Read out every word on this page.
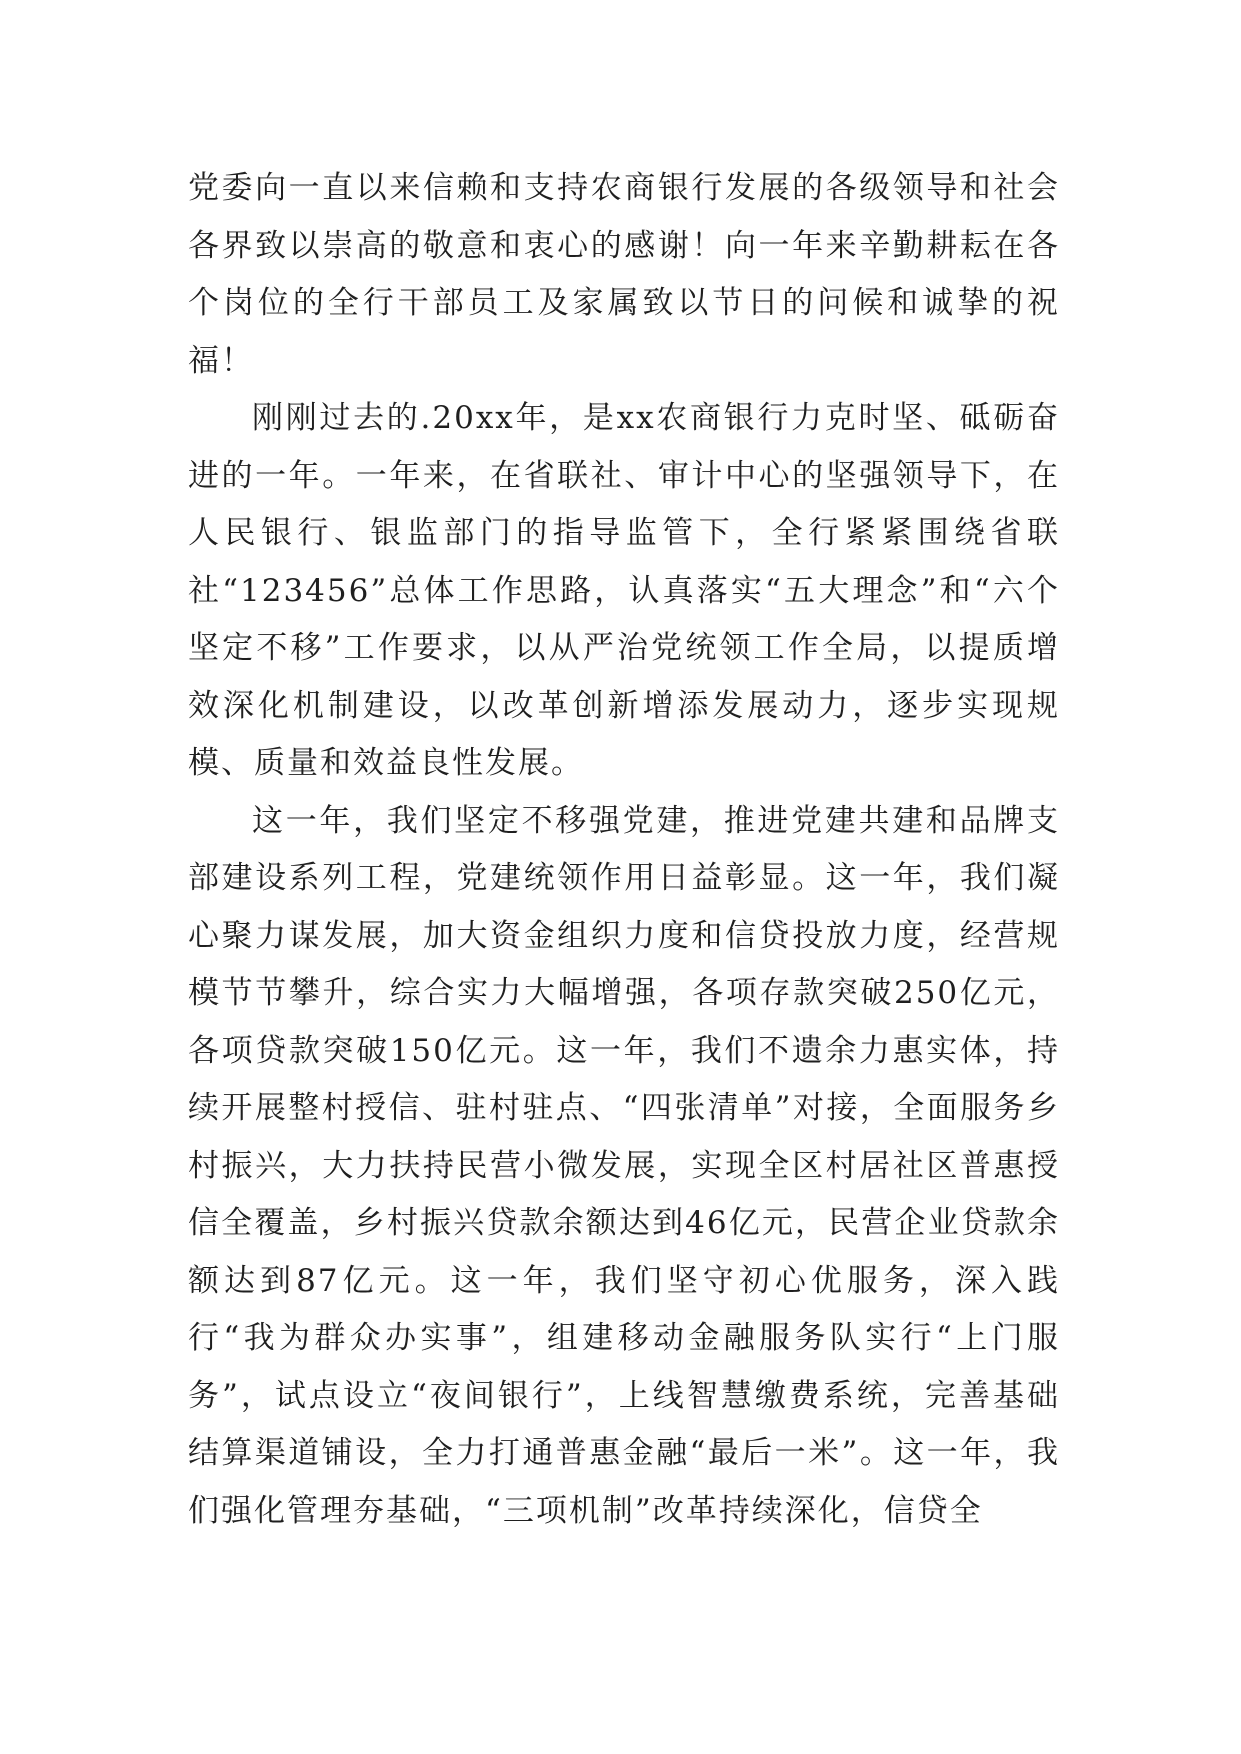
党委向一直以来信赖和支持农商银行发展的各级领导和社会各界致以崇高的敬意和衷心的感谢！向一年来辛勤耕耘在各个岗位的全行干部员工及家属致以节日的问候和诚挚的祝福！

刚刚过去的.20xx年，是xx农商银行力克时坚、砥砺奋进的一年。一年来，在省联社、审计中心的坚强领导下，在人民银行、银监部门的指导监管下，全行紧紧围绕省联社“123456”总体工作思路，认真落实“五大理念”和“六个坚定不移”工作要求，以从严治党统领工作全局，以提质增效深化机制建设，以改革创新增添发展动力，逐步实现规模、质量和效益良性发展。

这一年，我们坚定不移强党建，推进党建共建和品牌支部建设系列工程，党建统领作用日益彰显。这一年，我们凝心聚力谋发展，加大资金组织力度和信贷投放力度，经营规模节节攀升，综合实力大幅增强，各项存款突破250亿元，各项贷款突破150亿元。这一年，我们不遗余力惠实体，持续开展整村授信、驻村驻点、“四张清单”对接，全面服务乡村振兴，大力扶持民营小微发展，实现全区村居社区普惠授信全覆盖，乡村振兴贷款余额达到46亿元，民营企业贷款余额达到87亿元。这一年，我们坚守初心优服务，深入践行“我为群众办实事”，组建移动金融服务队实行“上门服务”，试点设立“夜间银行”，上线智慧缴费系统，完善基础结算渠道铺设，全力打通普惠金融“最后一米”。这一年，我们强化管理夯基础，“三项机制”改革持续深化，信贷全
